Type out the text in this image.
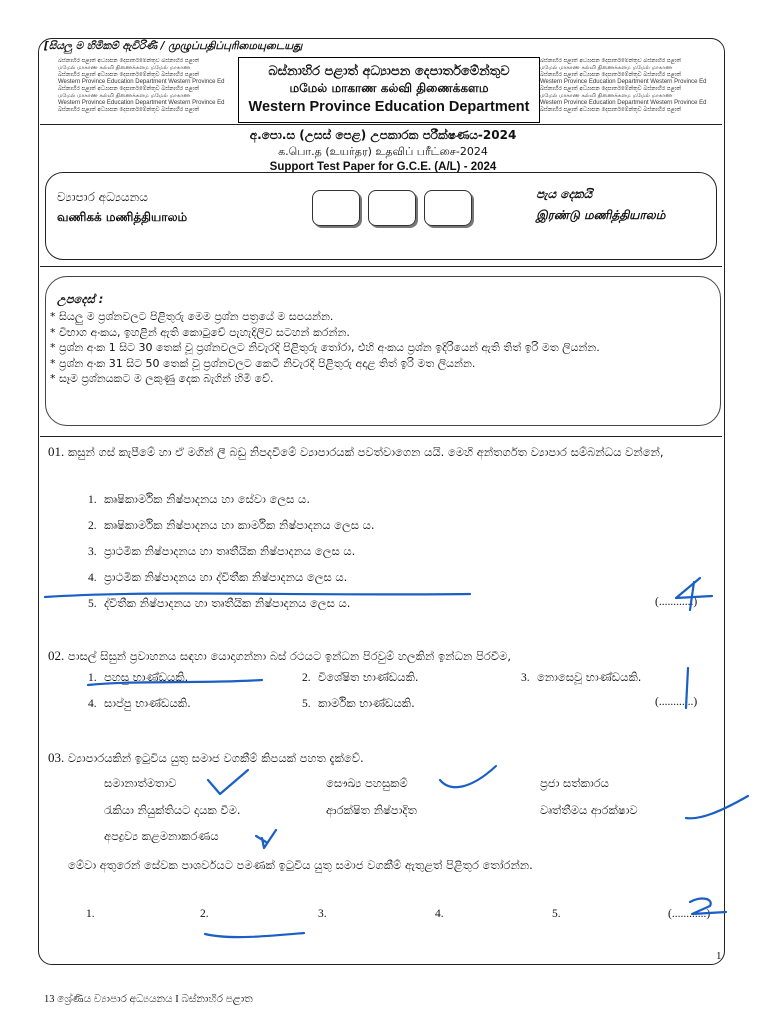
[සියලු ම හිමිකම් ඇවිරිණි / முழுப்பதிப்புரிமையுடையது
බස්නාහිර පළාත් අධ්‍යාපන දෙපාර්තමේන්තුව බස්නාහිර පළාත්
மமேல் மாகாண கல்வி திணைக்களம மமேல் மாகாண
බස්නාහිර පළාත් අධ්‍යාපන දෙපාර්තමේන්තුව බස්නාහිර පළාත්
Western Province Education Department Western Province Ed
බස්නාහිර පළාත් අධ්‍යාපන දෙපාර්තමේන්තුව බස්නාහිර පළාත්
மமேல் மாகாண கல்வி திணைக்களம மமேல் மாகாண
Western Province Education Department Western Province Ed
බස්නාහිර පළාත් අධ්‍යාපන දෙපාර්තමේන්තුව බස්නාහිර පළාත්
බස්නාහිර පළාත් අධ්‍යාපන දෙපාර්තමේන්තුව බස්නාහිර පළාත්
மமேல் மாகாண கல்வி திணைக்களம மமேல் மாகாண
බස්නාහිර පළාත් අධ්‍යාපන දෙපාර්තමේන්තුව බස්නාහිර පළාත්
Western Province Education Department Western Province Ed
බස්නාහිර පළාත් අධ්‍යාපන දෙපාර්තමේන්තුව බස්නාහිර පළාත්
மமேல் மாகாண கல்வி திணைக்களம மமேல் மாகாண
Western Province Education Department Western Province Ed
බස්නාහිර පළාත් අධ්‍යාපන දෙපාර්තමේන්තුව බස්නාහිර පළාත්
බස්නාහිර පළාත් අධ්‍යාපන දෙපාර්තමේන්තුව
மமேல் மாகாண கல்வி திணைக்களம
Western Province Education Department
අ.පො.ස (උසස් පෙළ) උපකාරක පරීක්ෂණය-2024
க.பொ.த (உயர்தர) உதவிப் பரீட்சை-2024
Support Test Paper for G.C.E. (A/L) - 2024
ව්‍යාපාර අධ්‍යයනය
வணிகக் மணித்தியாலம்
පැය දෙකයි
இரண்டு மணித்தியாலம்
උපදෙස් :
* සියලු ම ප්‍රශ්නවලට පිළිතුරු මෙම ප්‍රශ්න පත්‍රයේ ම සපයන්න.
* විභාග අංකය, ඉහළින් ඇති කොටුවේ පැහැදිලිව සටහන් කරන්න.
* ප්‍රශ්න අංක 1 සිට 30 තෙක් වූ ප්‍රශ්නවලට නිවැරදි පිළිතුරු තෝරා, එහි අංකය ප්‍රශ්න ඉදිරියෙන් ඇති තිත් ඉරි මත ලියන්න.
* ප්‍රශ්න අංක 31 සිට 50 තෙක් වූ ප්‍රශ්නවලට කෙටි නිවැරදි පිළිතුරු අදාළ තිත් ඉරි මත ලියන්න.
* සෑම ප්‍රශ්නයකට ම ලකුණු දෙක බැගින් හිමි වේ.
01. කසුන් ගස් කැපීමේ හා ඒ මගින් ලී බඩු නිපදවීමේ ව්‍යාපාරයක් පවත්වාගෙන යයි. මෙහි අන්තර්ගත ව්‍යාපාර සම්බන්ධය වන්නේ,
1. කෘෂිකාර්මික නිෂ්පාදනය හා සේවා ලෙස ය.
2. කෘෂිකාර්මික නිෂ්පාදනය හා කාර්මික නිෂ්පාදනය ලෙස ය.
3. ප්‍රාථමික නිෂ්පාදනය හා තෘතීයික නිෂ්පාදනය ලෙස ය.
4. ප්‍රාථමික නිෂ්පාදනය හා ද්විතීක නිෂ්පාදනය ලෙස ය.
5. ද්විතීක නිෂ්පාදනය හා තෘතීයික නිෂ්පාදනය ලෙස ය.	(............)
02. පාසල් සිසුන් ප්‍රවාහනය සඳහා යොදාගන්නා බස් රථයට ඉන්ධන පිරවුම් හලකින් ඉන්ධන පිරවීම,
1. පහසු භාණ්ඩයකි.	2. විශේෂිත භාණ්ඩයකි.	3. නොසෙවූ භාණ්ඩයකි.
4. සාප්පු භාණ්ඩයකි.	5. කාර්මික භාණ්ඩයකි.	(............)
03. ව්‍යාපාරයකින් ඉටුවිය යුතු සමාජ වගකීම් කිපයක් පහත දැක්වේ.
සමානාත්මතාව	සෞඛ්‍ය පහසුකම්	ප්‍රජා සත්කාරය
රැකියා නියුක්තියට දායක වීම.	ආරක්ෂිත නිෂ්පාදිත	වෘත්තීමය ආරක්ෂාව
අපද්‍රව්‍ය කළමනාකරණය
මේවා අතුරෙන් සේවක පාශර්වයට පමණක් ඉටුවිය යුතු සමාජ වගකීම් ඇතුළත් පිළිතුර තෝරන්න.
1.	2.	3.	4.	5.	(............)
1
13 ශ්‍රේණිය ව්‍යාපාර අධ්‍යයනය I බස්නාහිර පළාත
